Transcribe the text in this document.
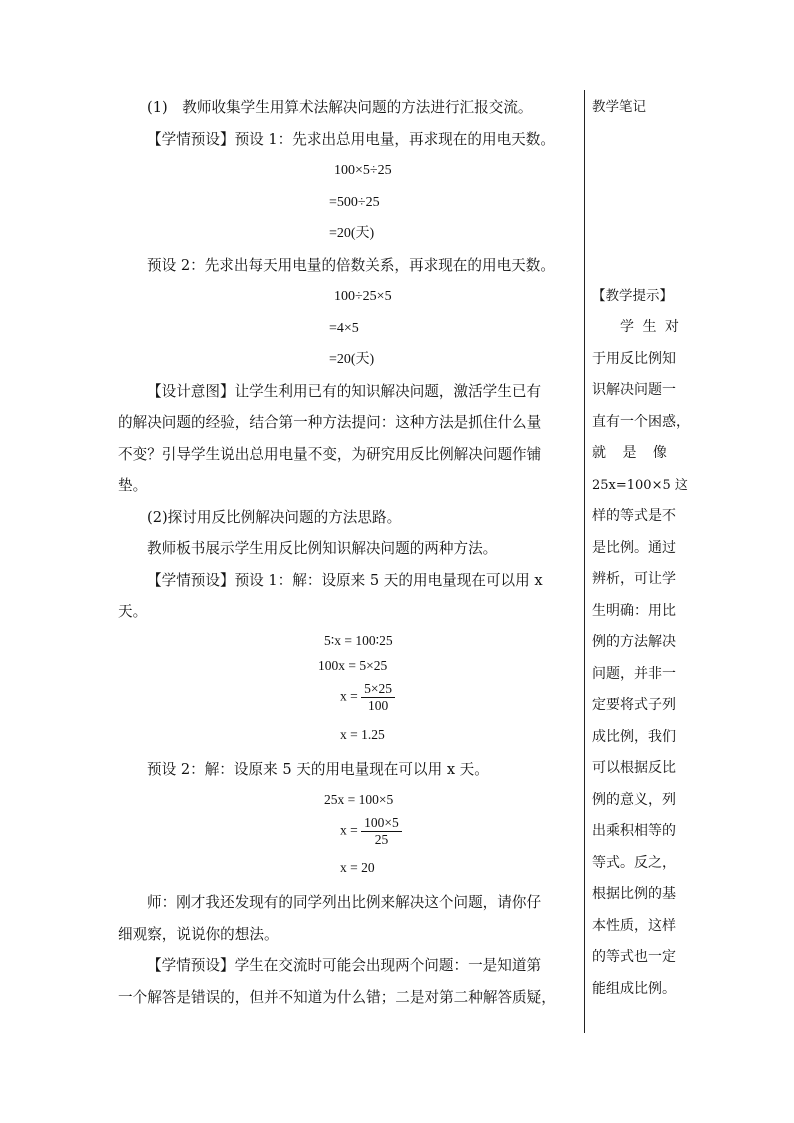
(1)　教师收集学生用算术法解决问题的方法进行汇报交流。
【学情预设】预设 1：先求出总用电量，再求现在的用电天数。
100×5÷25
=500÷25
=20(天)
预设 2：先求出每天用电量的倍数关系，再求现在的用电天数。
100÷25×5
=4×5
=20(天)
【设计意图】让学生利用已有的知识解决问题，激活学生已有
的解决问题的经验，结合第一种方法提问：这种方法是抓住什么量
不变？引导学生说出总用电量不变，为研究用反比例解决问题作铺
垫。
(2)探讨用反比例解决问题的方法思路。
教师板书展示学生用反比例知识解决问题的两种方法。
【学情预设】预设 1：解：设原来 5 天的用电量现在可以用 x
天。
5∶x = 100∶25
100x = 5×25
$x = \frac{5\times 25}{100}$
x = 1.25
预设 2：解：设原来 5 天的用电量现在可以用 x 天。
25x = 100×5
$x = \frac{100\times 5}{25}$
x = 20
师：刚才我还发现有的同学列出比例来解决这个问题，请你仔
细观察，说说你的想法。
【学情预设】学生在交流时可能会出现两个问题：一是知道第
一个解答是错误的，但并不知道为什么错；二是对第二种解答质疑，
教学笔记
【教学提示】
学 生 对
于用反比例知
识解决问题一
直有一个困惑，
就 是 像
25x=100×5 这
样的等式是不
是比例。通过
辨析，可让学
生明确：用比
例的方法解决
问题，并非一
定要将式子列
成比例，我们
可以根据反比
例的意义，列
出乘积相等的
等式。反之，
根据比例的基
本性质，这样
的等式也一定
能组成比例。
